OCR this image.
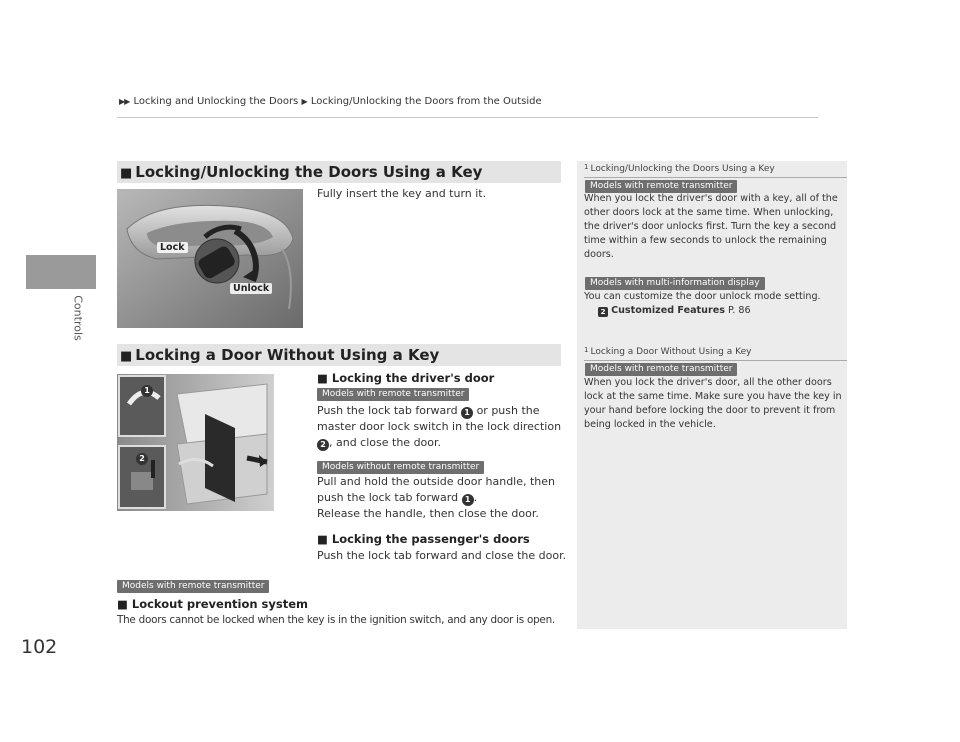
Controls
102
▶▶ Locking and Unlocking the Doors ▶ Locking/Unlocking the Doors from the Outside
■ Locking/Unlocking the Doors Using a Key
Lock
Unlock
Fully insert the key and turn it.
■ Locking a Door Without Using a Key
1
2
■ Locking the driver's door
Models with remote transmitter
Push the lock tab forward 1 or push the
master door lock switch in the lock direction
2 , and close the door.
Models without remote transmitter
Pull and hold the outside door handle, then
push the lock tab forward 1 .
Release the handle, then close the door.
■ Locking the passenger's doors
Push the lock tab forward and close the door.
Models with remote transmitter
■ Lockout prevention system
The doors cannot be locked when the key is in the ignition switch, and any door is open.
$^1$ Locking/Unlocking the Doors Using a Key
Models with remote transmitter
When you lock the driver's door with a key, all of the other doors lock at the same time. When unlocking, the driver's door unlocks first. Turn the key a second time within a few seconds to unlock the remaining doors.
Models with multi-information display
You can customize the door unlock mode setting.
2 Customized Features P. 86
$^1$ Locking a Door Without Using a Key
Models with remote transmitter
When you lock the driver's door, all the other doors lock at the same time. Make sure you have the key in your hand before locking the door to prevent it from being locked in the vehicle.
